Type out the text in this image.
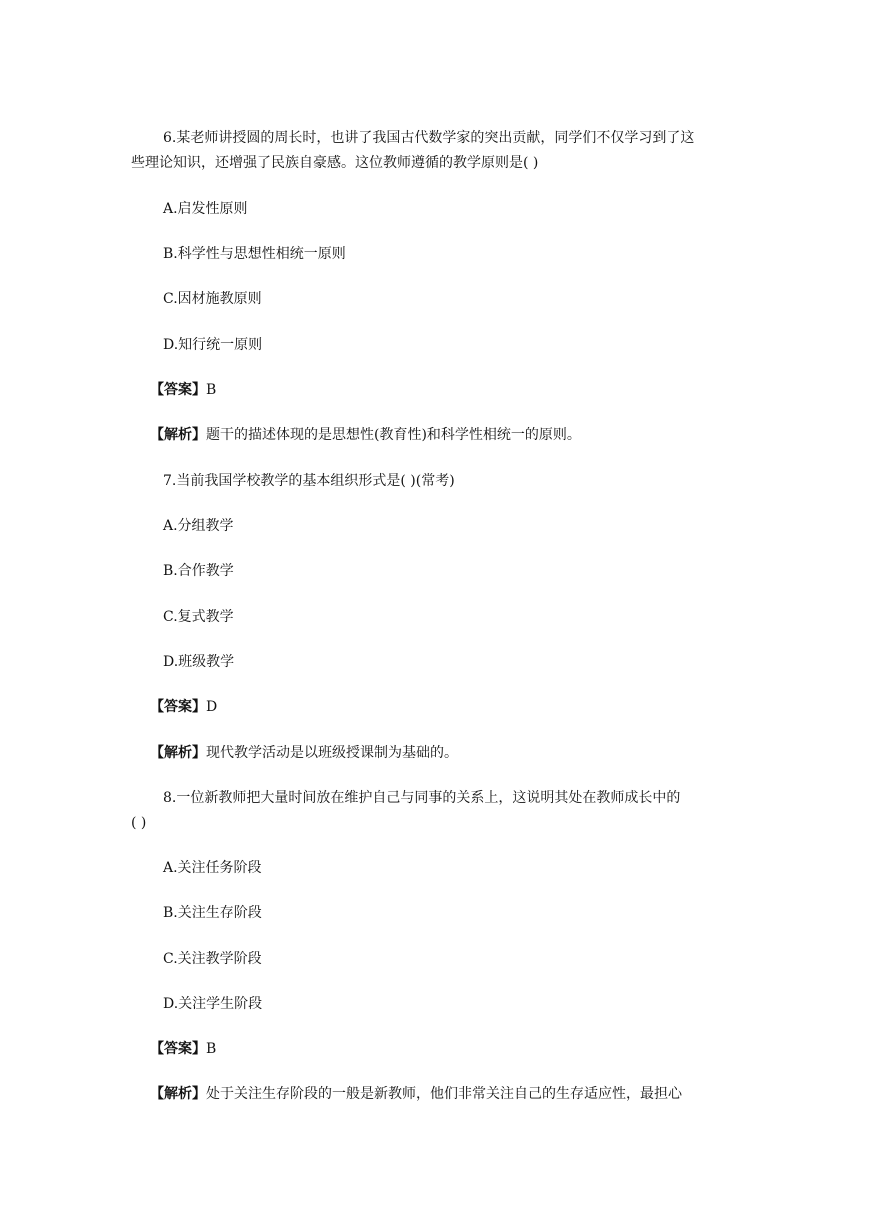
6.某老师讲授圆的周长时，也讲了我国古代数学家的突出贡献，同学们不仅学习到了这
些理论知识，还增强了民族自豪感。这位教师遵循的教学原则是( )
A.启发性原则
B.科学性与思想性相统一原则
C.因材施教原则
D.知行统一原则
【答案】B
【解析】题干的描述体现的是思想性(教育性)和科学性相统一的原则。
7.当前我国学校教学的基本组织形式是( )(常考)
A.分组教学
B.合作教学
C.复式教学
D.班级教学
【答案】D
【解析】现代教学活动是以班级授课制为基础的。
8.一位新教师把大量时间放在维护自己与同事的关系上，这说明其处在教师成长中的
( )
A.关注任务阶段
B.关注生存阶段
C.关注教学阶段
D.关注学生阶段
【答案】B
【解析】处于关注生存阶段的一般是新教师，他们非常关注自己的生存适应性，最担心
